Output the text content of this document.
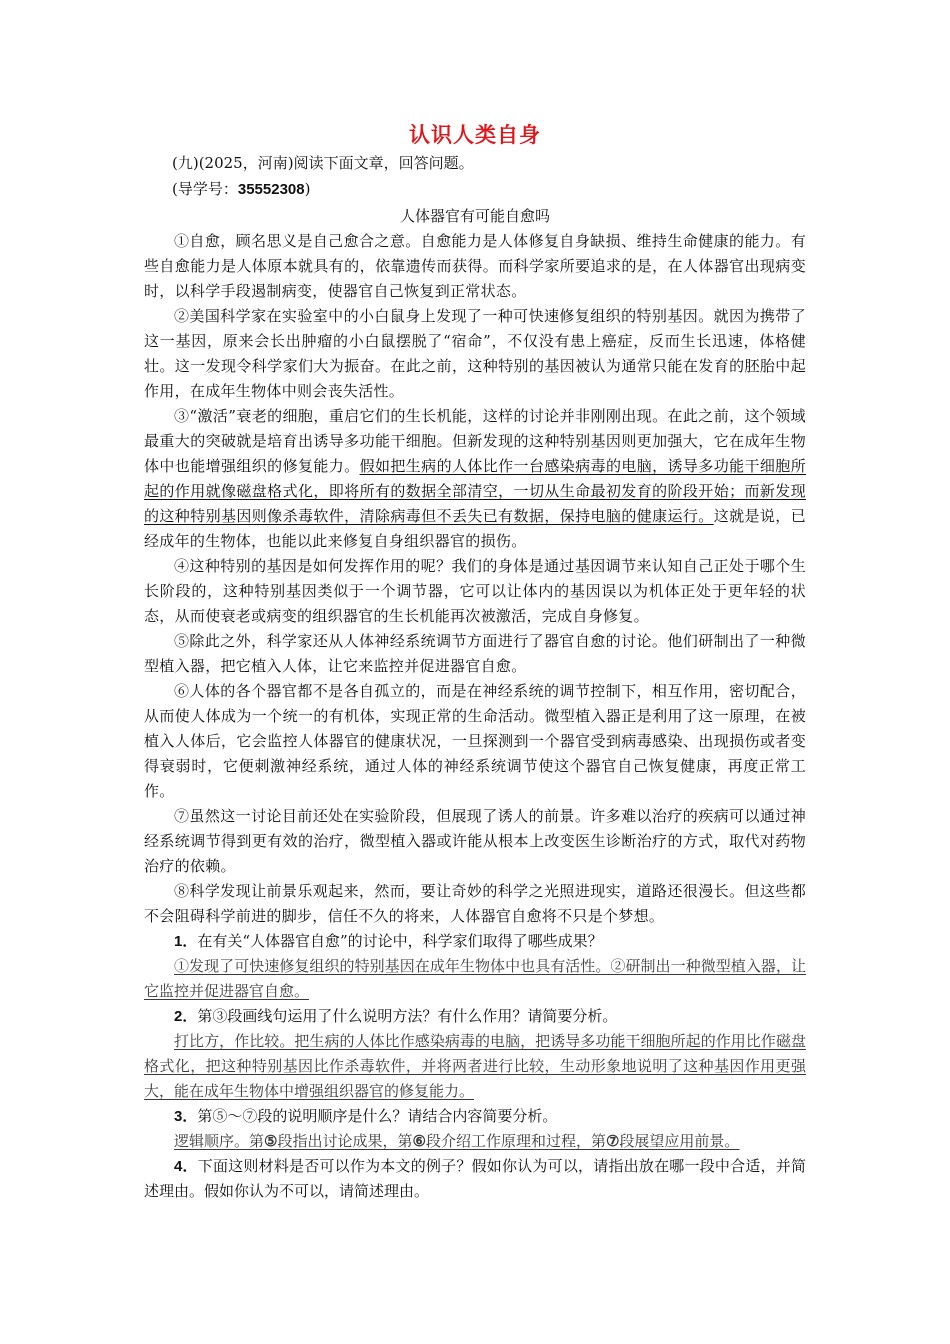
认识人类自身

(九)(2025，河南)阅读下面文章，回答问题。

(导学号：35552308)

人体器官有可能自愈吗

①自愈，顾名思义是自己愈合之意。自愈能力是人体修复自身缺损、维持生命健康的能力。有些自愈能力是人体原本就具有的，依靠遗传而获得。而科学家所要追求的是，在人体器官出现病变时，以科学手段遏制病变，使器官自己恢复到正常状态。

②美国科学家在实验室中的小白鼠身上发现了一种可快速修复组织的特别基因。就因为携带了这一基因，原来会长出肿瘤的小白鼠摆脱了“宿命”，不仅没有患上癌症，反而生长迅速，体格健壮。这一发现令科学家们大为振奋。在此之前，这种特别的基因被认为通常只能在发育的胚胎中起作用，在成年生物体中则会丧失活性。

③“激活”衰老的细胞，重启它们的生长机能，这样的讨论并非刚刚出现。在此之前，这个领域最重大的突破就是培育出诱导多功能干细胞。但新发现的这种特别基因则更加强大，它在成年生物体中也能增强组织的修复能力。假如把生病的人体比作一台感染病毒的电脑，诱导多功能干细胞所起的作用就像磁盘格式化，即将所有的数据全部清空，一切从生命最初发育的阶段开始；而新发现的这种特别基因则像杀毒软件，清除病毒但不丢失已有数据，保持电脑的健康运行。这就是说，已经成年的生物体，也能以此来修复自身组织器官的损伤。

④这种特别的基因是如何发挥作用的呢？我们的身体是通过基因调节来认知自己正处于哪个生长阶段的，这种特别基因类似于一个调节器，它可以让体内的基因误以为机体正处于更年轻的状态，从而使衰老或病变的组织器官的生长机能再次被激活，完成自身修复。

⑤除此之外，科学家还从人体神经系统调节方面进行了器官自愈的讨论。他们研制出了一种微型植入器，把它植入人体，让它来监控并促进器官自愈。

⑥人体的各个器官都不是各自孤立的，而是在神经系统的调节控制下，相互作用，密切配合，从而使人体成为一个统一的有机体，实现正常的生命活动。微型植入器正是利用了这一原理，在被植入人体后，它会监控人体器官的健康状况，一旦探测到一个器官受到病毒感染、出现损伤或者变得衰弱时，它便刺激神经系统，通过人体的神经系统调节使这个器官自己恢复健康，再度正常工作。

⑦虽然这一讨论目前还处在实验阶段，但展现了诱人的前景。许多难以治疗的疾病可以通过神经系统调节得到更有效的治疗，微型植入器或许能从根本上改变医生诊断治疗的方式，取代对药物治疗的依赖。

⑧科学发现让前景乐观起来，然而，要让奇妙的科学之光照进现实，道路还很漫长。但这些都不会阻碍科学前进的脚步，信任不久的将来，人体器官自愈将不只是个梦想。

1．在有关“人体器官自愈”的讨论中，科学家们取得了哪些成果？

①发现了可快速修复组织的特别基因在成年生物体中也具有活性。②研制出一种微型植入器，让它监控并促进器官自愈。

2．第③段画线句运用了什么说明方法？有什么作用？请简要分析。

打比方，作比较。把生病的人体比作感染病毒的电脑，把诱导多功能干细胞所起的作用比作磁盘格式化，把这种特别基因比作杀毒软件，并将两者进行比较，生动形象地说明了这种基因作用更强大，能在成年生物体中增强组织器官的修复能力。

3．第⑤～⑦段的说明顺序是什么？请结合内容简要分析。

逻辑顺序。第⑤段指出讨论成果，第⑥段介绍工作原理和过程，第⑦段展望应用前景。

4．下面这则材料是否可以作为本文的例子？假如你认为可以，请指出放在哪一段中合适，并简述理由。假如你认为不可以，请简述理由。
